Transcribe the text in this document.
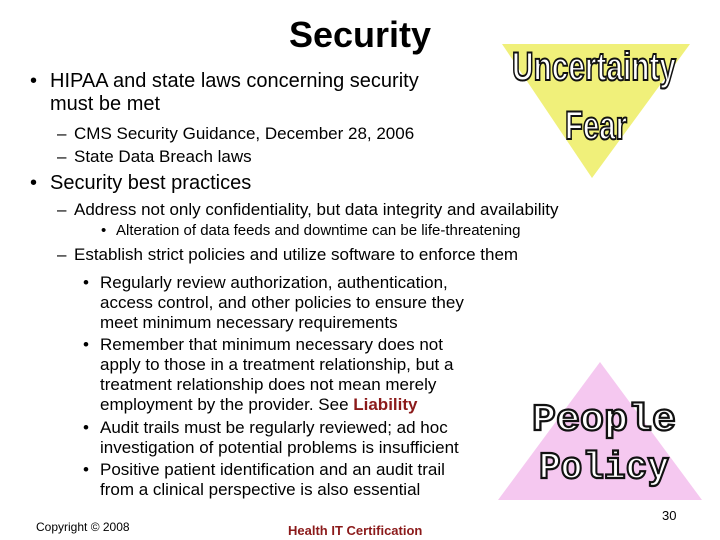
Uncertainty
Fear
People
Policy
Security
• HIPAA and state laws concerning security
must be met
– CMS Security Guidance, December 28, 2006
– State Data Breach laws
• Security best practices
– Address not only confidentiality, but data integrity and availability
• Alteration of data feeds and downtime can be life-threatening
– Establish strict policies and utilize software to enforce them
• Regularly review authorization, authentication,
access control, and other policies to ensure they
meet minimum necessary requirements
• Remember that minimum necessary does not
apply to those in a treatment relationship, but a
treatment relationship does not mean merely
employment by the provider. See Liability
• Audit trails must be regularly reviewed; ad hoc
investigation of potential problems is insufficient
• Positive patient identification and an audit trail
from a clinical perspective is also essential
Copyright © 2008	Health IT Certification
30
